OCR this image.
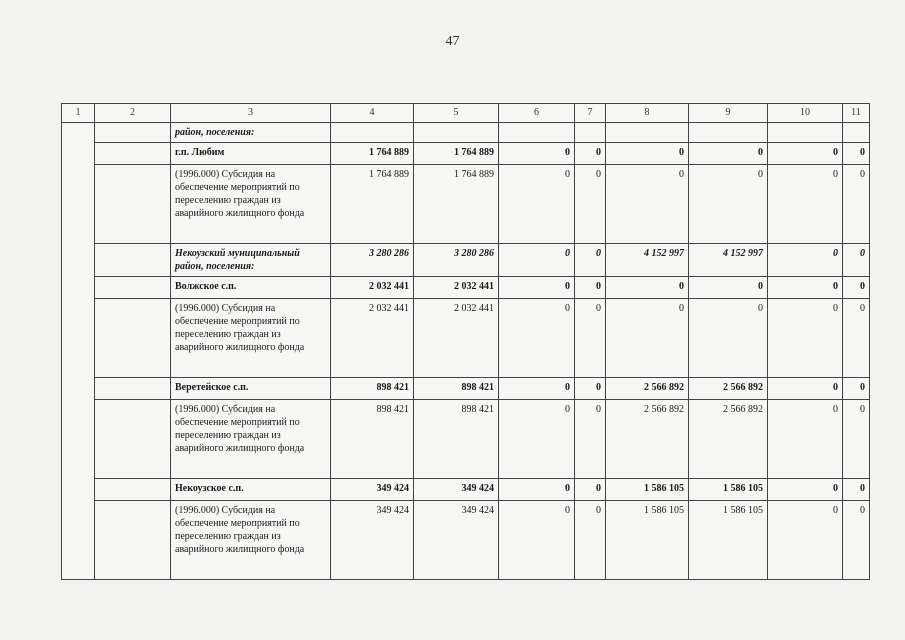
47
1	2	3	4	5	6	7	8	9	10	11
		район, поселения:								
		г.п. Любим	1 764 889	1 764 889	0	0	0	0	0	0
		(1996.000) Субсидия на обеспечение мероприятий по переселению граждан из аварийного жилищного фонда	1 764 889	1 764 889	0	0	0	0	0	0
		Некоузский муниципальный район, поселения:	3 280 286	3 280 286	0	0	4 152 997	4 152 997	0	0
		Волжское с.п.	2 032 441	2 032 441	0	0	0	0	0	0
		(1996.000) Субсидия на обеспечение мероприятий по переселению граждан из аварийного жилищного фонда	2 032 441	2 032 441	0	0	0	0	0	0
		Веретейское с.п.	898 421	898 421	0	0	2 566 892	2 566 892	0	0
		(1996.000) Субсидия на обеспечение мероприятий по переселению граждан из аварийного жилищного фонда	898 421	898 421	0	0	2 566 892	2 566 892	0	0
		Некоузское с.п.	349 424	349 424	0	0	1 586 105	1 586 105	0	0
		(1996.000) Субсидия на обеспечение мероприятий по переселению граждан из аварийного жилищного фонда	349 424	349 424	0	0	1 586 105	1 586 105	0	0
